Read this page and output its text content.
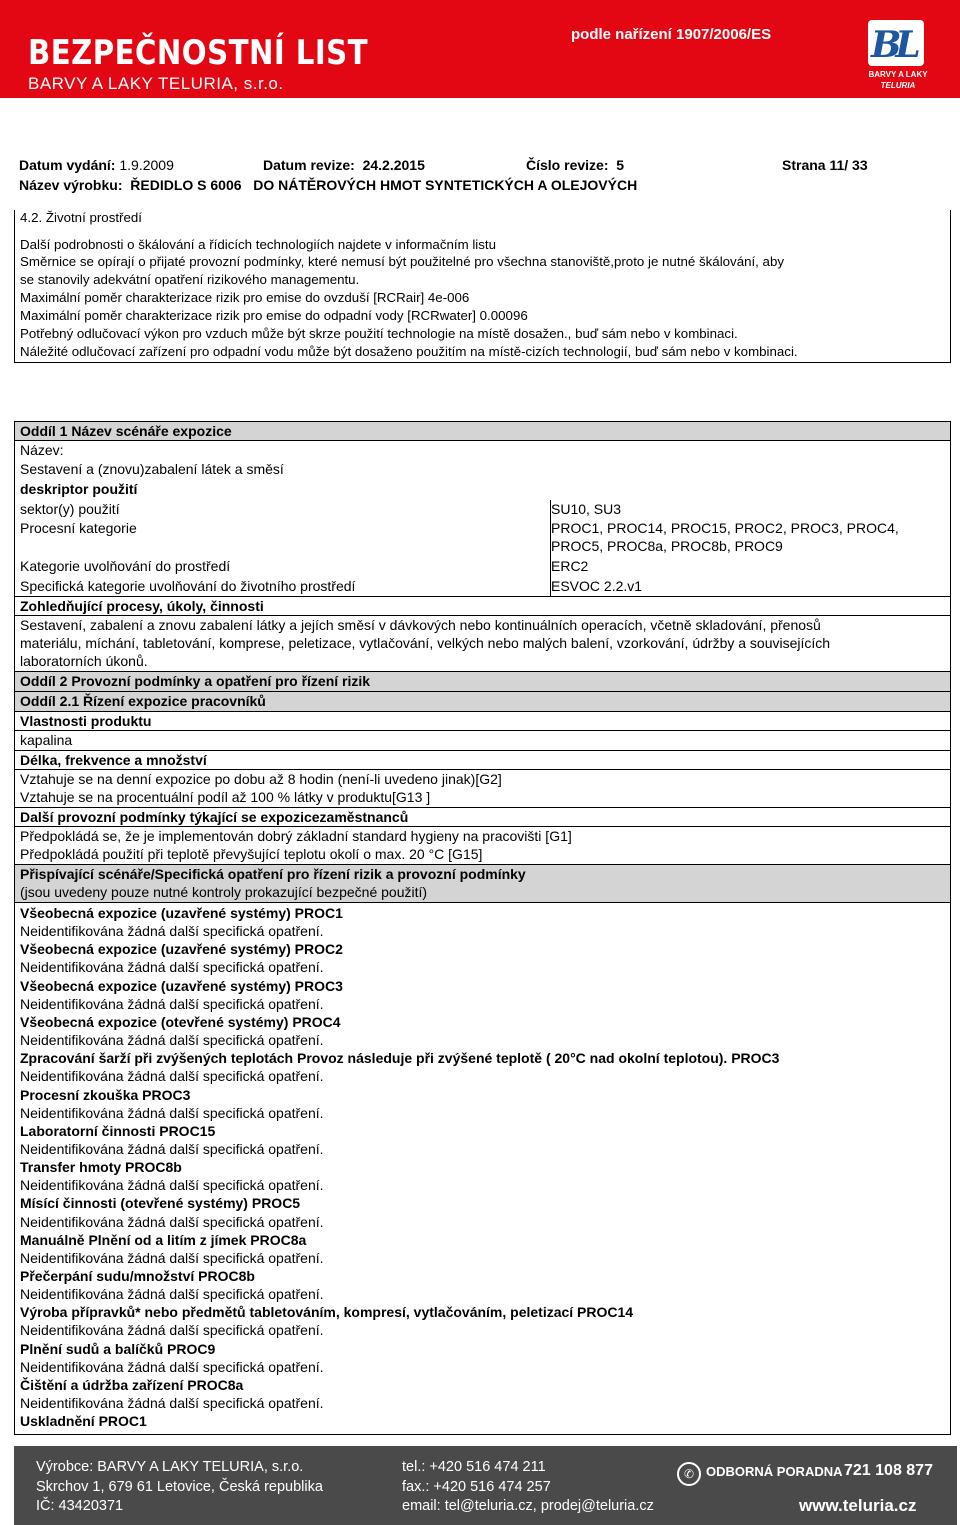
BEZPEČNOSTNÍ LIST
BARVY A LAKY TELURIA, s.r.o.
podle nařízení 1907/2006/ES	BL
BARVY A LAKY
TELURIA
Datum vydání: 1.9.2009	Datum revize: 24.2.2015	Číslo revize: 5	Strana 11/ 33
Název výrobku: ŘEDIDLO S 6006 DO NÁTĚROVÝCH HMOT SYNTETICKÝCH A OLEJOVÝCH
4.2. Životní prostředí
Další podrobnosti o škálování a řídicích technologiích najdete v informačním listu
Směrnice se opírají o přijaté provozní podmínky, které nemusí být použitelné pro všechna stanoviště,proto je nutné škálování, aby
se stanovily adekvátní opatření rizikového managementu.
Maximální poměr charakterizace rizik pro emise do ovzduší [RCRair] 4e-006
Maximální poměr charakterizace rizik pro emise do odpadní vody [RCRwater] 0.00096
Potřebný odlučovací výkon pro vzduch může být skrze použití technologie na místě dosažen., buď sám nebo v kombinaci.
Náležité odlučovací zařízení pro odpadní vodu může být dosaženo použitím na místě-cizích technologií, buď sám nebo v kombinaci.
Oddíl 1 Název scénáře expozice
Název:
Sestavení a (znovu)zabalení látek a směsí
deskriptor použití
sektor(y) použití	SU10, SU3
Procesní kategorie	PROC1, PROC14, PROC15, PROC2, PROC3, PROC4,
PROC5, PROC8a, PROC8b, PROC9
Kategorie uvolňování do prostředí	ERC2
Specifická kategorie uvolňování do životního prostředí	ESVOC 2.2.v1
Zohledňující procesy, úkoly, činnosti
Sestavení, zabalení a znovu zabalení látky a jejích směsí v dávkových nebo kontinuálních operacích, včetně skladování, přenosů
materiálu, míchání, tabletování, komprese, peletizace, vytlačování, velkých nebo malých balení, vzorkování, údržby a souvisejících
laboratorních úkonů.
Oddíl 2 Provozní podmínky a opatření pro řízení rizik
Oddíl 2.1 Řízení expozice pracovníků
Vlastnosti produktu
kapalina
Délka, frekvence a množství
Vztahuje se na denní expozice po dobu až 8 hodin (není-li uvedeno jinak)[G2]
Vztahuje se na procentuální podíl až 100 % látky v produktu[G13 ]
Další provozní podmínky týkající se expozicezaměstnanců
Předpokládá se, že je implementován dobrý základní standard hygieny na pracovišti [G1]
Předpokládá použití při teplotě převyšující teplotu okolí o max. 20 °C [G15]
Přispívající scénáře/Specifická opatření pro řízení rizik a provozní podmínky
(jsou uvedeny pouze nutné kontroly prokazující bezpečné použití)
Všeobecná expozice (uzavřené systémy) PROC1
Neidentifikována žádná další specifická opatření.
Všeobecná expozice (uzavřené systémy) PROC2
Neidentifikována žádná další specifická opatření.
Všeobecná expozice (uzavřené systémy) PROC3
Neidentifikována žádná další specifická opatření.
Všeobecná expozice (otevřené systémy) PROC4
Neidentifikována žádná další specifická opatření.
Zpracování šarží při zvýšených teplotách Provoz následuje při zvýšené teplotě ( 20°C nad okolní teplotou). PROC3
Neidentifikována žádná další specifická opatření.
Procesní zkouška PROC3
Neidentifikována žádná další specifická opatření.
Laboratorní činnosti PROC15
Neidentifikována žádná další specifická opatření.
Transfer hmoty PROC8b
Neidentifikována žádná další specifická opatření.
Mísící činnosti (otevřené systémy) PROC5
Neidentifikována žádná další specifická opatření.
Manuálně Plnění od a litím z jímek PROC8a
Neidentifikována žádná další specifická opatření.
Přečerpání sudu/množství PROC8b
Neidentifikována žádná další specifická opatření.
Výroba přípravků* nebo předmětů tabletováním, kompresí, vytlačováním, peletizací PROC14
Neidentifikována žádná další specifická opatření.
Plnění sudů a balíčků PROC9
Neidentifikována žádná další specifická opatření.
Čištění a údržba zařízení PROC8a
Neidentifikována žádná další specifická opatření.
Uskladnění PROC1
Výrobce: BARVY A LAKY TELURIA, s.r.o.
Skrchov 1, 679 61 Letovice, Česká republika
IČ: 43420371
tel.: +420 516 474 211
fax.: +420 516 474 257
email: tel@teluria.cz, prodej@teluria.cz
✆ ODBORNÁ PORADNA 721 108 877
www.teluria.cz
